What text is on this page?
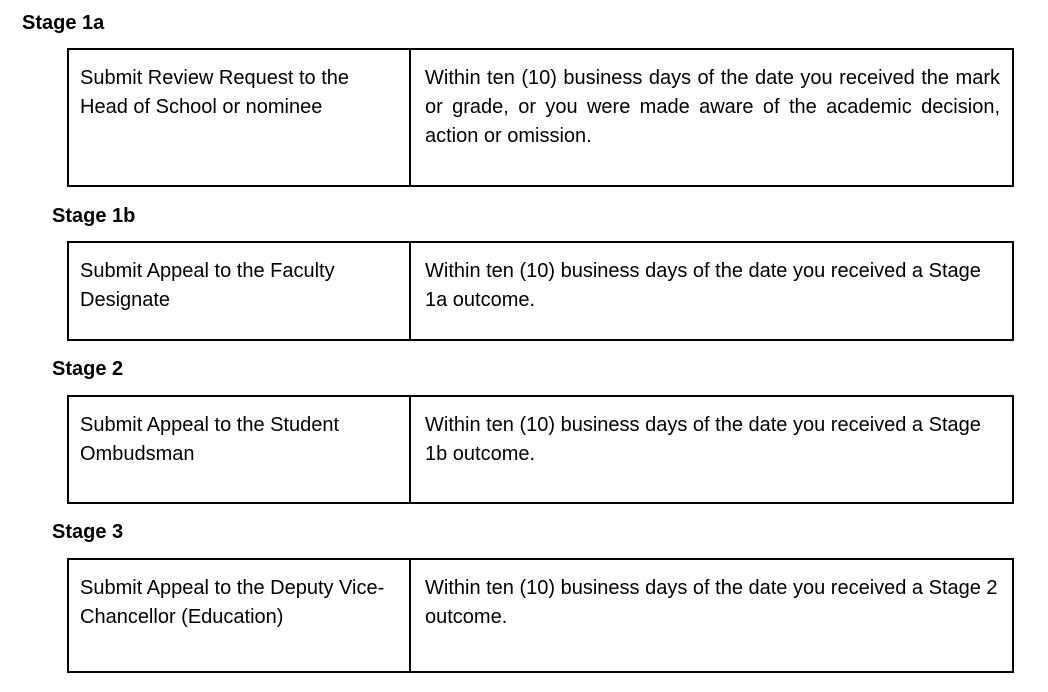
Stage 1a
Submit Review Request to the Head of School or nominee
Within ten (10) business days of the date you received the mark or grade, or you were made aware of the academic decision, action or omission.
Stage 1b
Submit Appeal to the Faculty Designate
Within ten (10) business days of the date you received a Stage 1a outcome.
Stage 2
Submit Appeal to the Student Ombudsman
Within ten (10) business days of the date you received a Stage 1b outcome.
Stage 3
Submit Appeal to the Deputy Vice-Chancellor (Education)
Within ten (10) business days of the date you received a Stage 2 outcome.
